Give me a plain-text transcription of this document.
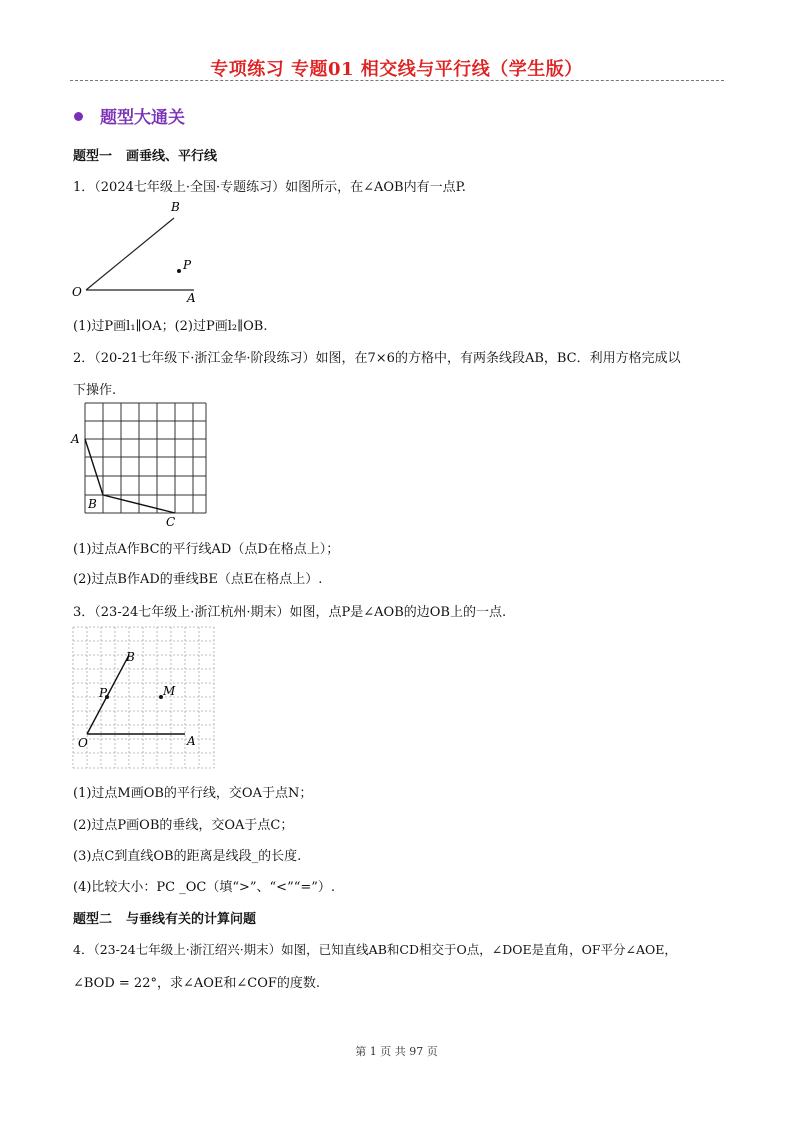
专项练习 专题01 相交线与平行线（学生版）
题型大通关
题型一 画垂线、平行线
1．（2024七年级上·全国·专题练习）如图所示，在∠AOB内有一点P.
B
P
O	A
(1)过P画l₁∥OA；(2)过P画l₂∥OB.
2．（20-21七年级下·浙江金华·阶段练习）如图，在7×6的方格中，有两条线段AB，BC．利用方格完成以
下操作.
A
B
C
(1)过点A作BC的平行线AD（点D在格点上）；
(2)过点B作AD的垂线BE（点E在格点上）.
3．（23-24七年级上·浙江杭州·期末）如图，点P是∠AOB的边OB上的一点.
B
P	M
O	A
(1)过点M画OB的平行线，交OA于点N；
(2)过点P画OB的垂线，交OA于点C；
(3)点C到直线OB的距离是线段_的长度.
(4)比较大小：PC _OC（填“>”、“<”“=”）.
题型二 与垂线有关的计算问题
4．（23-24七年级上·浙江绍兴·期末）如图，已知直线AB和CD相交于O点，∠DOE是直角，OF平分∠AOE，
∠BOD = 22°，求∠AOE和∠COF的度数.
第 1 页 共 97 页
